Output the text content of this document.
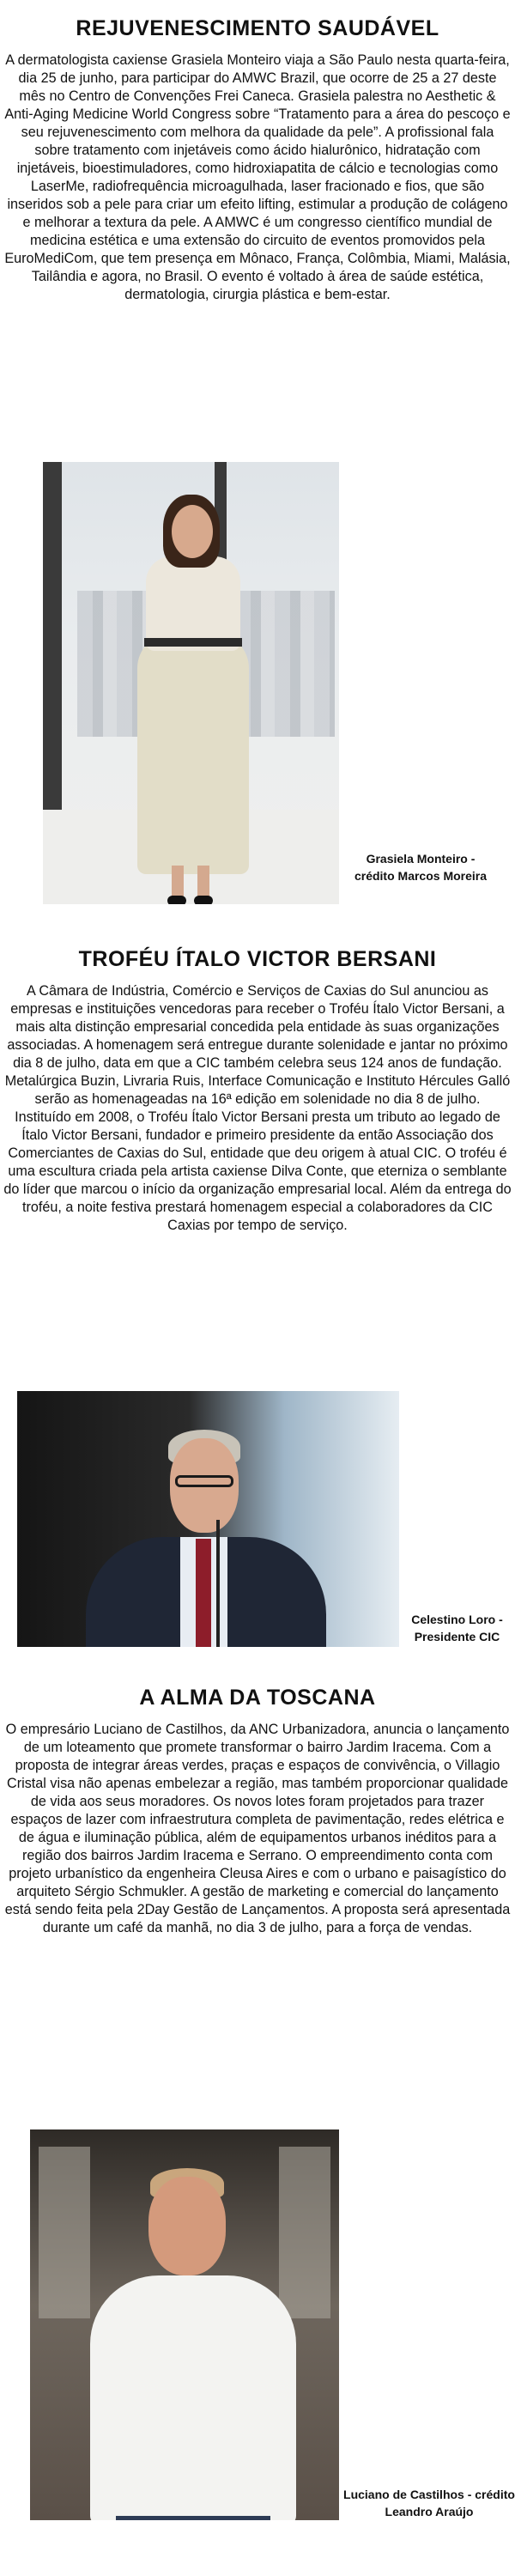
REJUVENESCIMENTO SAUDÁVEL

A dermatologista caxiense Grasiela Monteiro viaja a São Paulo nesta quarta-feira, dia 25 de junho, para participar do AMWC Brazil, que ocorre de 25 a 27 deste mês no Centro de Convenções Frei Caneca. Grasiela palestra no Aesthetic & Anti-Aging Medicine World Congress sobre “Tratamento para a área do pescoço e seu rejuvenescimento com melhora da qualidade da pele”. A profissional fala sobre tratamento com injetáveis como ácido hialurônico, hidratação com injetáveis, bioestimuladores, como hidroxiapatita de cálcio e tecnologias como LaserMe, radiofrequência microagulhada, laser fracionado e fios, que são inseridos sob a pele para criar um efeito lifting, estimular a produção de colágeno e melhorar a textura da pele. A AMWC é um congresso científico mundial de medicina estética e uma extensão do circuito de eventos promovidos pela EuroMediCom, que tem presença em Mônaco, França, Colômbia, Miami, Malásia, Tailândia e agora, no Brasil. O evento é voltado à área de saúde estética, dermatologia, cirurgia plástica e bem-estar.

Grasiela Monteiro - crédito Marcos Moreira
TROFÉU ÍTALO VICTOR BERSANI

A Câmara de Indústria, Comércio e Serviços de Caxias do Sul anunciou as empresas e instituições vencedoras para receber o Troféu Ítalo Victor Bersani, a mais alta distinção empresarial concedida pela entidade às suas organizações associadas. A homenagem será entregue durante solenidade e jantar no próximo dia 8 de julho, data em que a CIC também celebra seus 124 anos de fundação. Metalúrgica Buzin, Livraria Ruis, Interface Comunicação e Instituto Hércules Galló serão as homenageadas na 16ª edição em solenidade no dia 8 de julho.

Instituído em 2008, o Troféu Ítalo Victor Bersani presta um tributo ao legado de Ítalo Victor Bersani, fundador e primeiro presidente da então Associação dos Comerciantes de Caxias do Sul, entidade que deu origem à atual CIC. O troféu é uma escultura criada pela artista caxiense Dilva Conte, que eterniza o semblante do líder que marcou o início da organização empresarial local. Além da entrega do troféu, a noite festiva prestará homenagem especial a colaboradores da CIC Caxias por tempo de serviço.

Celestino Loro - Presidente CIC
A ALMA DA TOSCANA

O empresário Luciano de Castilhos, da ANC Urbanizadora, anuncia o lançamento de um loteamento que promete transformar o bairro Jardim Iracema. Com a proposta de integrar áreas verdes, praças e espaços de convivência, o Villagio Cristal visa não apenas embelezar a região, mas também proporcionar qualidade de vida aos seus moradores. Os novos lotes foram projetados para trazer espaços de lazer com infraestrutura completa de pavimentação, redes elétrica e de água e iluminação pública, além de equipamentos urbanos inéditos para a região dos bairros Jardim Iracema e Serrano. O empreendimento conta com projeto urbanístico da engenheira Cleusa Aires e com o urbano e paisagístico do arquiteto Sérgio Schmukler. A gestão de marketing e comercial do lançamento está sendo feita pela 2Day Gestão de Lançamentos. A proposta será apresentada durante um café da manhã, no dia 3 de julho, para a força de vendas.

Luciano de Castilhos - crédito Leandro Araújo
